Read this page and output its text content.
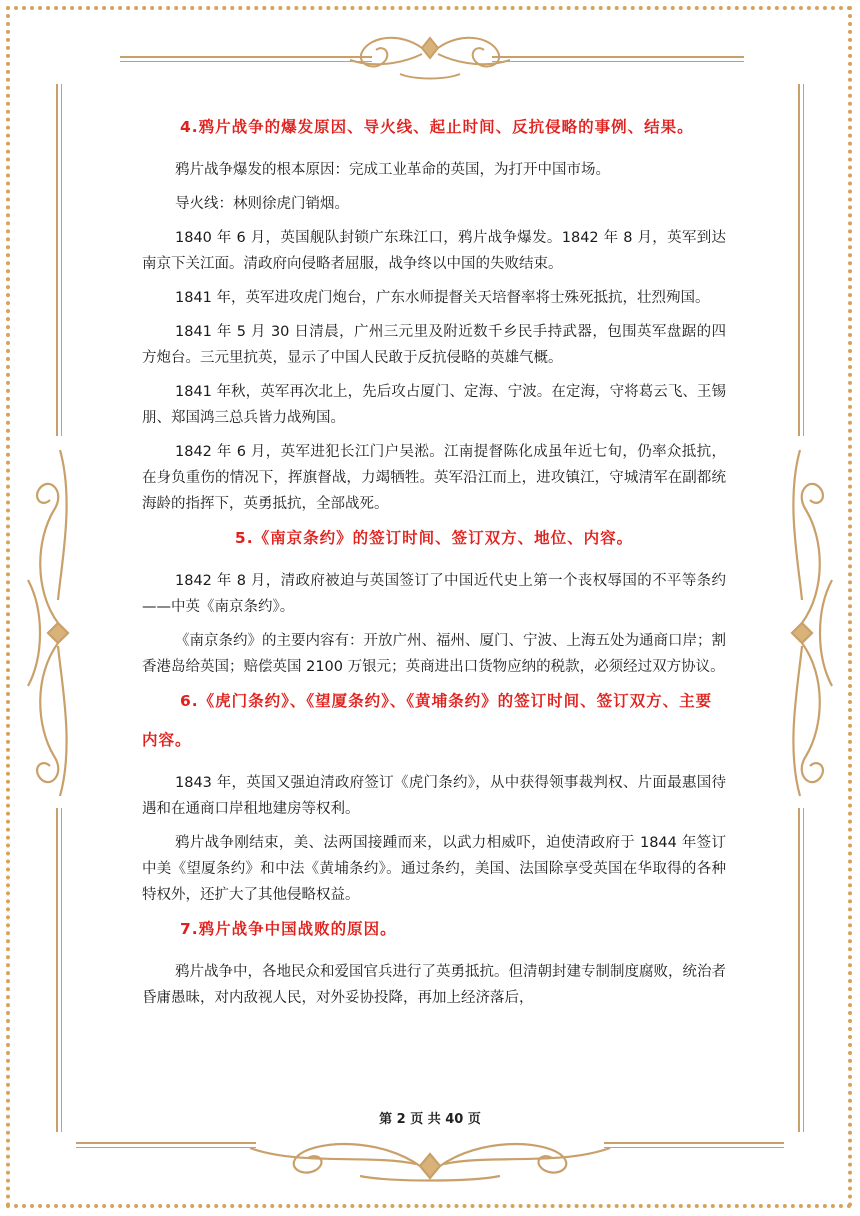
4.鸦片战争的爆发原因、导火线、起止时间、反抗侵略的事例、结果。

鸦片战争爆发的根本原因：完成工业革命的英国，为打开中国市场。

导火线：林则徐虎门销烟。

1840 年 6 月，英国舰队封锁广东珠江口，鸦片战争爆发。1842 年 8 月，英军到达南京下关江面。清政府向侵略者屈服，战争终以中国的失败结束。

1841 年，英军进攻虎门炮台，广东水师提督关天培督率将士殊死抵抗，壮烈殉国。

1841 年 5 月 30 日清晨，广州三元里及附近数千乡民手持武器，包围英军盘踞的四方炮台。三元里抗英，显示了中国人民敢于反抗侵略的英雄气概。

1841 年秋，英军再次北上，先后攻占厦门、定海、宁波。在定海，守将葛云飞、王锡朋、郑国鸿三总兵皆力战殉国。

1842 年 6 月，英军进犯长江门户吴淞。江南提督陈化成虽年近七旬，仍率众抵抗，在身负重伤的情况下，挥旗督战，力竭牺牲。英军沿江而上，进攻镇江，守城清军在副都统海龄的指挥下，英勇抵抗，全部战死。

5.《南京条约》的签订时间、签订双方、地位、内容。

1842 年 8 月，清政府被迫与英国签订了中国近代史上第一个丧权辱国的不平等条约——中英《南京条约》。

《南京条约》的主要内容有：开放广州、福州、厦门、宁波、上海五处为通商口岸；割香港岛给英国；赔偿英国 2100 万银元；英商进出口货物应纳的税款，必须经过双方协议。

6.《虎门条约》、《望厦条约》、《黄埔条约》的签订时间、签订双方、主要内容。

1843 年，英国又强迫清政府签订《虎门条约》，从中获得领事裁判权、片面最惠国待遇和在通商口岸租地建房等权利。

鸦片战争刚结束，美、法两国接踵而来，以武力相威吓，迫使清政府于 1844 年签订中美《望厦条约》和中法《黄埔条约》。通过条约，美国、法国除享受英国在华取得的各种特权外，还扩大了其他侵略权益。

7.鸦片战争中国战败的原因。

鸦片战争中，各地民众和爱国官兵进行了英勇抵抗。但清朝封建专制制度腐败，统治者昏庸愚昧，对内敌视人民，对外妥协投降，再加上经济落后，

第 2 页 共 40 页
